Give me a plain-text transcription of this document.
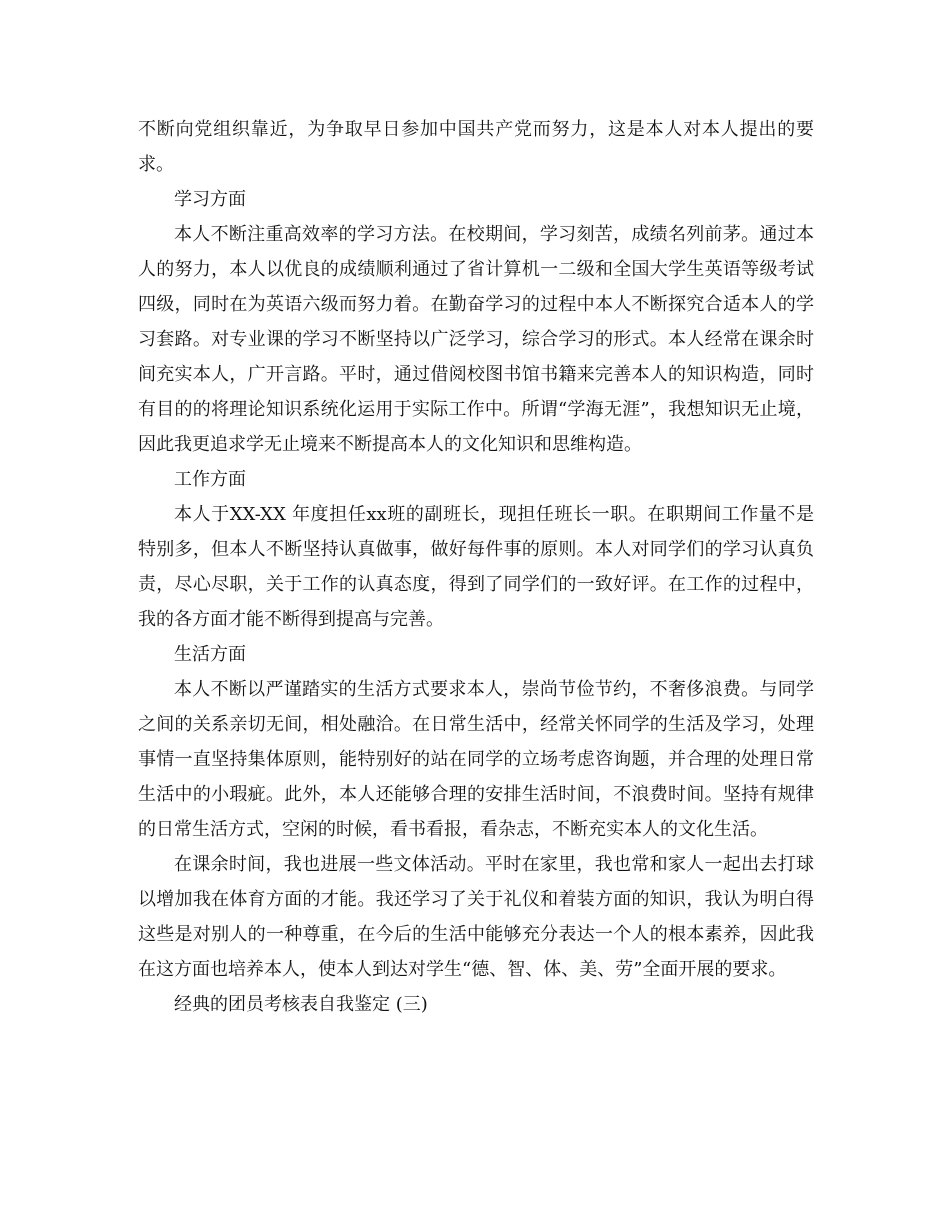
不断向党组织靠近，为争取早日参加中国共产党而努力，这是本人对本人提出的要求。

学习方面

本人不断注重高效率的学习方法。在校期间，学习刻苦，成绩名列前茅。通过本人的努力，本人以优良的成绩顺利通过了省计算机一二级和全国大学生英语等级考试四级，同时在为英语六级而努力着。在勤奋学习的过程中本人不断探究合适本人的学习套路。对专业课的学习不断坚持以广泛学习，综合学习的形式。本人经常在课余时间充实本人，广开言路。平时，通过借阅校图书馆书籍来完善本人的知识构造，同时有目的的将理论知识系统化运用于实际工作中。所谓“学海无涯”，我想知识无止境，因此我更追求学无止境来不断提高本人的文化知识和思维构造。

工作方面

本人于XX-XX 年度担任xx班的副班长，现担任班长一职。在职期间工作量不是特别多，但本人不断坚持认真做事，做好每件事的原则。本人对同学们的学习认真负责，尽心尽职，关于工作的认真态度，得到了同学们的一致好评。在工作的过程中，我的各方面才能不断得到提高与完善。

生活方面

本人不断以严谨踏实的生活方式要求本人，崇尚节俭节约，不奢侈浪费。与同学之间的关系亲切无间，相处融洽。在日常生活中，经常关怀同学的生活及学习，处理事情一直坚持集体原则，能特别好的站在同学的立场考虑咨询题，并合理的处理日常生活中的小瑕疵。此外，本人还能够合理的安排生活时间，不浪费时间。坚持有规律的日常生活方式，空闲的时候，看书看报，看杂志，不断充实本人的文化生活。

在课余时间，我也进展一些文体活动。平时在家里，我也常和家人一起出去打球以增加我在体育方面的才能。我还学习了关于礼仪和着装方面的知识，我认为明白得这些是对别人的一种尊重，在今后的生活中能够充分表达一个人的根本素养，因此我在这方面也培养本人，使本人到达对学生“德、智、体、美、劳”全面开展的要求。

经典的团员考核表自我鉴定 (三)
